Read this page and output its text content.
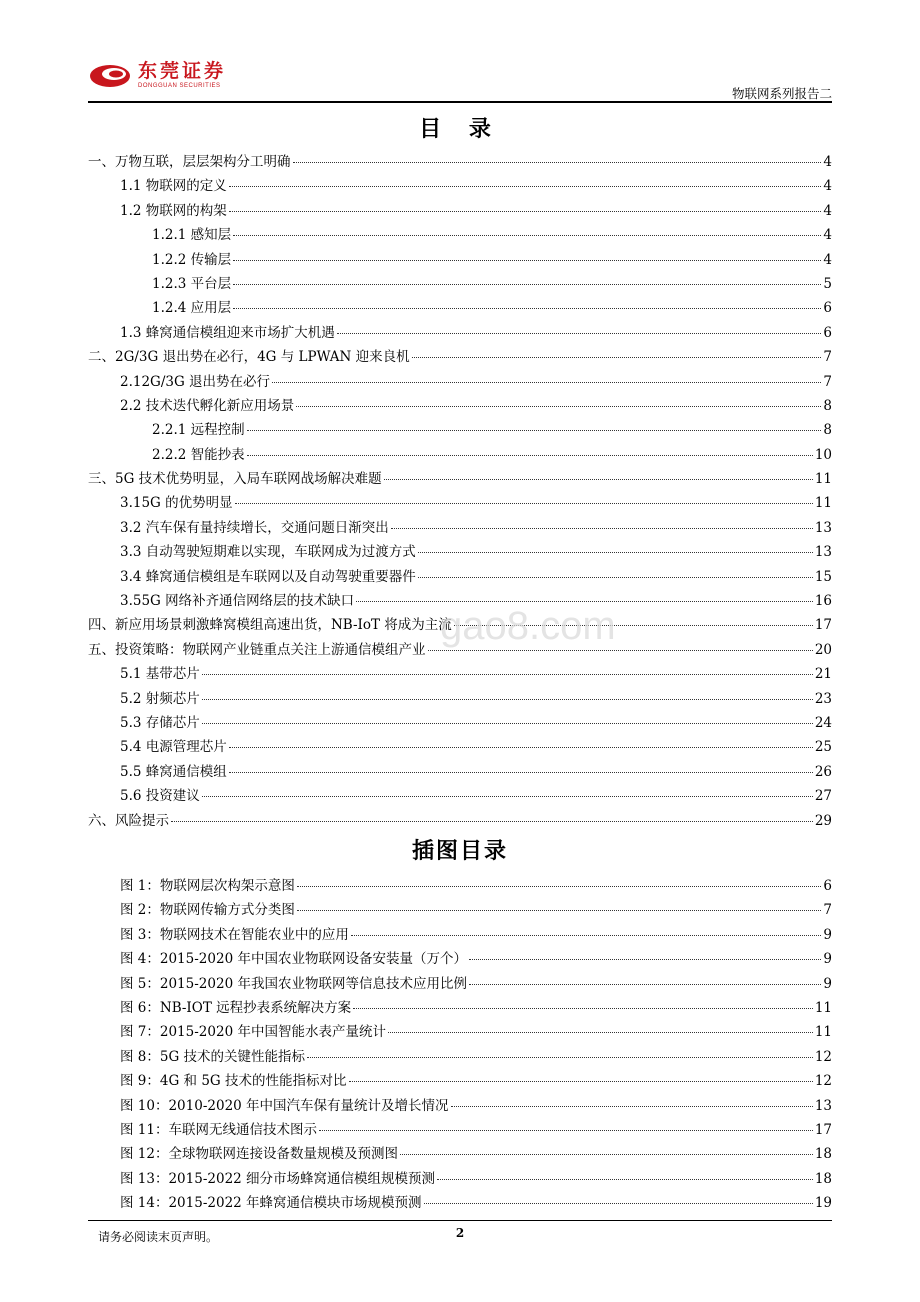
东莞证券
DONGGUAN SECURITIES
物联网系列报告二
目 录
一、万物互联，层层架构分工明确	4
1.1 物联网的定义	4
1.2 物联网的构架	4
1.2.1 感知层	4
1.2.2 传输层	4
1.2.3 平台层	5
1.2.4 应用层	6
1.3 蜂窝通信模组迎来市场扩大机遇	6
二、2G/3G 退出势在必行，4G 与 LPWAN 迎来良机	7
2.12G/3G 退出势在必行	7
2.2 技术迭代孵化新应用场景	8
2.2.1 远程控制	8
2.2.2 智能抄表	10
三、5G 技术优势明显，入局车联网战场解决难题	11
3.15G 的优势明显	11
3.2 汽车保有量持续增长，交通问题日渐突出	13
3.3 自动驾驶短期难以实现，车联网成为过渡方式	13
3.4 蜂窝通信模组是车联网以及自动驾驶重要器件	15
3.55G 网络补齐通信网络层的技术缺口	16
四、新应用场景刺激蜂窝模组高速出货，NB-IoT 将成为主流	17
五、投资策略：物联网产业链重点关注上游通信模组产业	20
5.1 基带芯片	21
5.2 射频芯片	23
5.3 存储芯片	24
5.4 电源管理芯片	25
5.5 蜂窝通信模组	26
5.6 投资建议	27
六、风险提示	29
gao8.com
插图目录
图 1：物联网层次构架示意图	6
图 2：物联网传输方式分类图	7
图 3：物联网技术在智能农业中的应用	9
图 4：2015-2020 年中国农业物联网设备安装量（万个）	9
图 5：2015-2020 年我国农业物联网等信息技术应用比例	9
图 6：NB-IOT 远程抄表系统解决方案	11
图 7：2015-2020 年中国智能水表产量统计	11
图 8：5G 技术的关键性能指标	12
图 9：4G 和 5G 技术的性能指标对比	12
图 10：2010-2020 年中国汽车保有量统计及增长情况	13
图 11：车联网无线通信技术图示	17
图 12：全球物联网连接设备数量规模及预测图	18
图 13：2015-2022 细分市场蜂窝通信模组规模预测	18
图 14：2015-2022 年蜂窝通信模块市场规模预测	19
请务必阅读末页声明。	2
